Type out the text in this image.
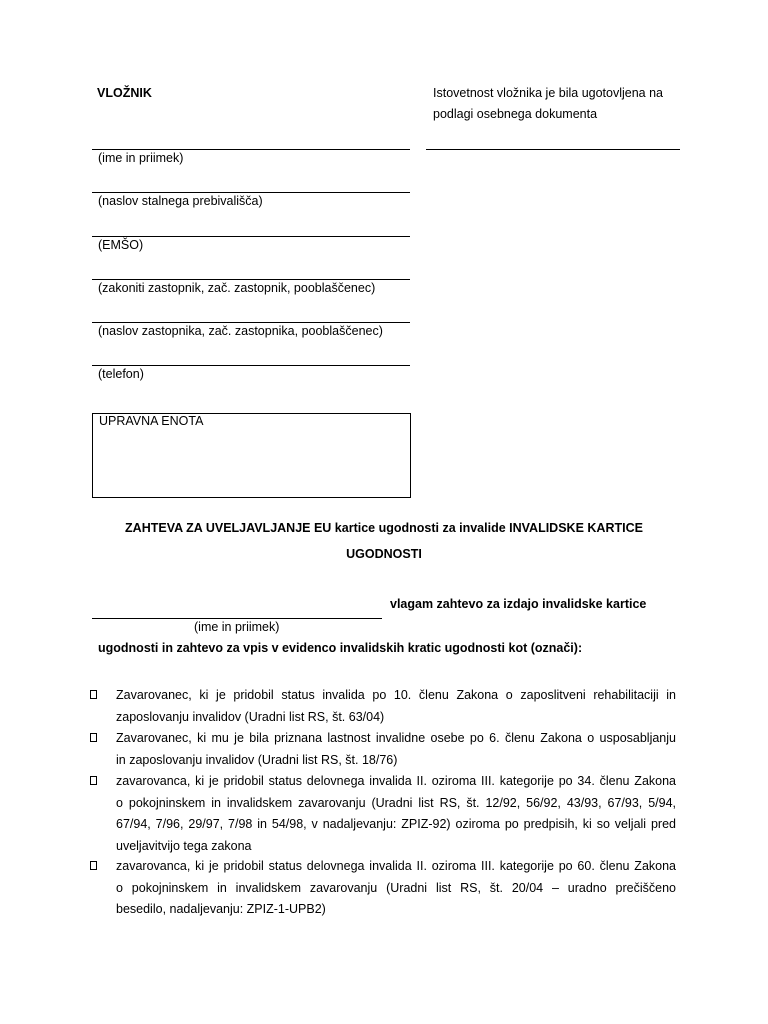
VLOŽNIK	Istovetnost vložnika je bila ugotovljena na
podlagi osebnega dokumenta
(ime in priimek)
(naslov stalnega prebivališča)
(EMŠO)
(zakoniti zastopnik, zač. zastopnik, pooblaščenec)
(naslov zastopnika, zač. zastopnika, pooblaščenec)
(telefon)
UPRAVNA ENOTA
ZAHTEVA ZA UVELJAVLJANJE EU kartice ugodnosti za invalide INVALIDSKE KARTICE
UGODNOSTI
vlagam zahtevo za izdajo invalidske kartice
(ime in priimek)
ugodnosti in zahtevo za vpis v evidenco invalidskih kratic ugodnosti kot (označi):
Zavarovanec, ki je pridobil status invalida po 10. členu Zakona o zaposlitveni rehabilitaciji in
zaposlovanju invalidov (Uradni list RS, št. 63/04)
Zavarovanec, ki mu je bila priznana lastnost invalidne osebe po 6. členu Zakona o usposabljanju
in zaposlovanju invalidov (Uradni list RS, št. 18/76)
zavarovanca, ki je pridobil status delovnega invalida II. oziroma III. kategorije po 34. členu Zakona
o pokojninskem in invalidskem zavarovanju (Uradni list RS, št. 12/92, 56/92, 43/93, 67/93, 5/94,
67/94, 7/96, 29/97, 7/98 in 54/98, v nadaljevanju: ZPIZ-92) oziroma po predpisih, ki so veljali pred
uveljavitvijo tega zakona
zavarovanca, ki je pridobil status delovnega invalida II. oziroma III. kategorije po 60. členu Zakona
o pokojninskem in invalidskem zavarovanju (Uradni list RS, št. 20/04 – uradno prečiščeno
besedilo, nadaljevanju: ZPIZ-1-UPB2)
